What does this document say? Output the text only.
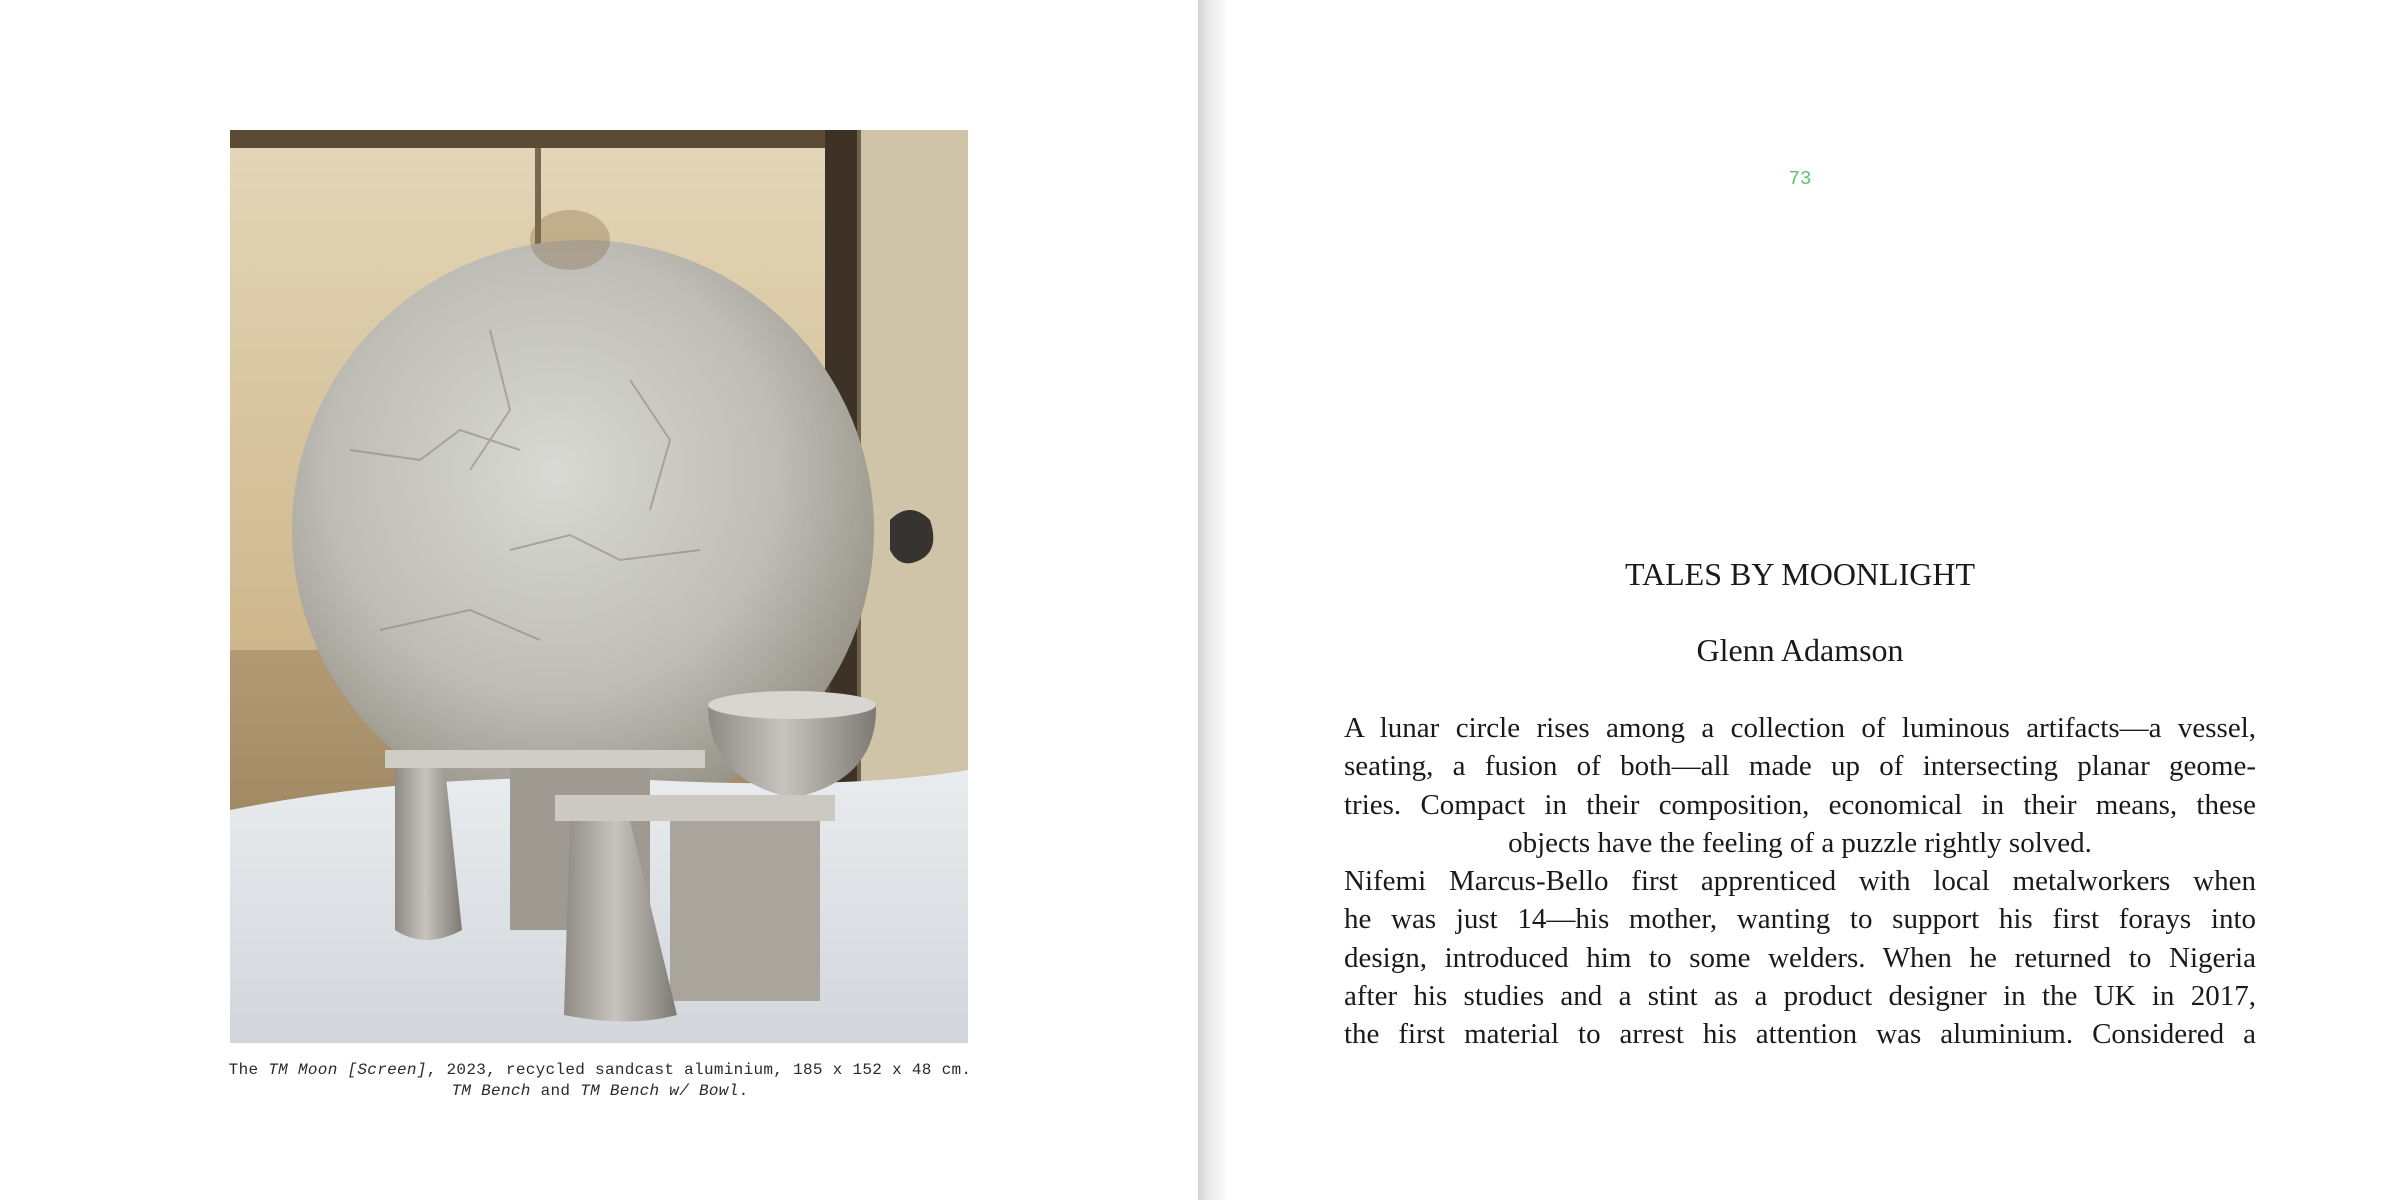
The TM Moon [Screen], 2023, recycled sandcast aluminium, 185 x 152 x 48 cm.
TM Bench and TM Bench w/ Bowl.
73
TALES BY MOONLIGHT
Glenn Adamson
A lunar circle rises among a collection of luminous artifacts—a vessel,
seating, a fusion of both—all made up of intersecting planar geome-
tries. Compact in their composition, economical in their means, these
objects have the feeling of a puzzle rightly solved.
Nifemi Marcus-Bello first apprenticed with local metalworkers when
he was just 14—his mother, wanting to support his first forays into
design, introduced him to some welders. When he returned to Nigeria
after his studies and a stint as a product designer in the UK in 2017,
the first material to arrest his attention was aluminium. Considered a
